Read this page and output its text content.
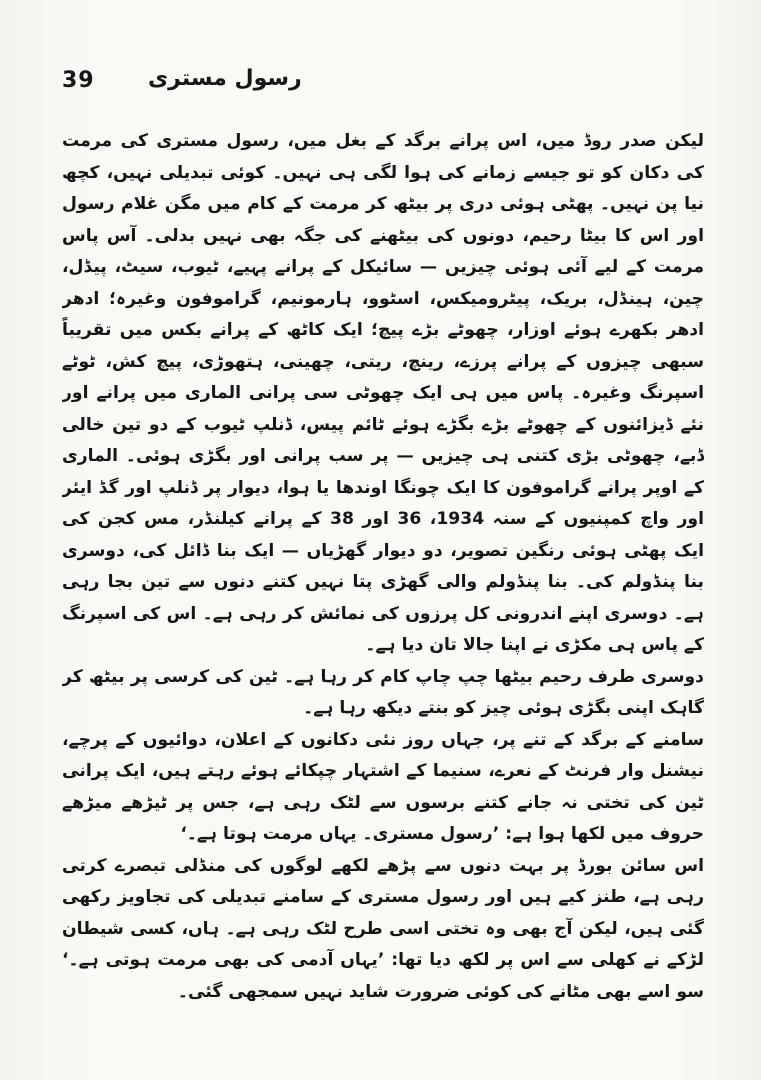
39 رسول مستری

لیکن صدر روڈ میں، اس پرانے برگد کے بغل میں، رسول مستری کی مرمت کی دکان کو تو جیسے زمانے کی ہوا لگی ہی نہیں۔ کوئی تبدیلی نہیں، کچھ نیا پن نہیں۔ پھٹی ہوئی دری پر بیٹھ کر مرمت کے کام میں مگن غلام رسول اور اس کا بیٹا رحیم، دونوں کی بیٹھنے کی جگہ بھی نہیں بدلی۔ آس پاس مرمت کے لیے آئی ہوئی چیزیں — سائیکل کے پرانے پہیے، ٹیوب، سیٹ، پیڈل، چین، ہینڈل، بریک، پیٹرومیکس، اسٹوو، ہارمونیم، گراموفون وغیرہ؛ ادھر ادھر بکھرے ہوئے اوزار، چھوٹے بڑے پیچ؛ ایک کاٹھ کے پرانے بکس میں تقریباً سبھی چیزوں کے پرانے پرزے، رینچ، ریتی، چھینی، ہتھوڑی، پیچ کش، ٹوٹے اسپرنگ وغیرہ۔ پاس میں ہی ایک چھوٹی سی پرانی الماری میں پرانے اور نئے ڈیزائنوں کے چھوٹے بڑے بگڑے ہوئے ٹائم پیس، ڈنلپ ٹیوب کے دو تین خالی ڈبے، چھوٹی بڑی کتنی ہی چیزیں — پر سب پرانی اور بگڑی ہوئی۔ الماری کے اوپر پرانے گراموفون کا ایک چونگا اوندھا یا ہوا، دیوار پر ڈنلپ اور گڈ ایئر اور واچ کمپنیوں کے سنہ 1934، 36 اور 38 کے پرانے کیلنڈر، مس کجن کی ایک پھٹی ہوئی رنگین تصویر، دو دیوار گھڑیاں — ایک بنا ڈائل کی، دوسری بنا پنڈولم کی۔ بنا پنڈولم والی گھڑی پتا نہیں کتنے دنوں سے تین بجا رہی ہے۔ دوسری اپنے اندرونی کل پرزوں کی نمائش کر رہی ہے۔ اس کی اسپرنگ کے پاس ہی مکڑی نے اپنا جالا تان دیا ہے۔

دوسری طرف رحیم بیٹھا چپ چاپ کام کر رہا ہے۔ ٹین کی کرسی پر بیٹھ کر گاہک اپنی بگڑی ہوئی چیز کو بنتے دیکھ رہا ہے۔

سامنے کے برگد کے تنے پر، جہاں روز نئی دکانوں کے اعلان، دوائیوں کے پرچے، نیشنل وار فرنٹ کے نعرے، سنیما کے اشتہار چپکائے ہوئے رہتے ہیں، ایک پرانی ٹین کی تختی نہ جانے کتنے برسوں سے لٹک رہی ہے، جس پر ٹیڑھے میڑھے حروف میں لکھا ہوا ہے: ’رسول مستری۔ یہاں مرمت ہوتا ہے۔‘

اس سائن بورڈ پر بہت دنوں سے پڑھے لکھے لوگوں کی منڈلی تبصرے کرتی رہی ہے، طنز کیے ہیں اور رسول مستری کے سامنے تبدیلی کی تجاویز رکھی گئی ہیں، لیکن آج بھی وہ تختی اسی طرح لٹک رہی ہے۔ ہاں، کسی شیطان لڑکے نے کھلی سے اس پر لکھ دیا تھا: ’یہاں آدمی کی بھی مرمت ہوتی ہے۔‘ سو اسے بھی مٹانے کی کوئی ضرورت شاید نہیں سمجھی گئی۔
